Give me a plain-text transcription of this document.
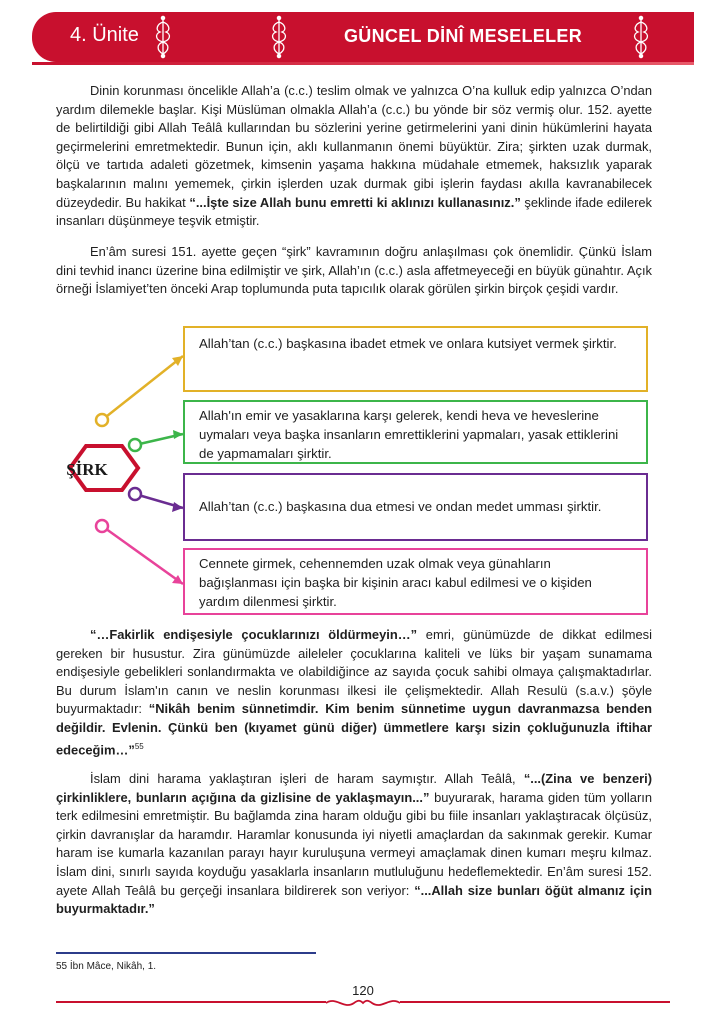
4. Ünite	GÜNCEL DİNÎ MESELELER

Dinin korunması öncelikle Allah’a (c.c.) teslim olmak ve yalnızca O’na kulluk edip yalnızca O’ndan yardım dilemekle başlar. Kişi Müslüman olmakla Allah’a (c.c.) bu yönde bir söz vermiş olur. 152. ayette de belirtildiği gibi Allah Teâlâ kullarından bu sözlerini yerine getirmelerini yani dinin hükümlerini hayata geçirmelerini emretmektedir. Bunun için, aklı kullanmanın önemi büyüktür. Zira; şirkten uzak durmak, ölçü ve tartıda adaleti gözetmek, kimsenin yaşama hakkına müdahale etmemek, haksızlık yaparak başkalarının malını yememek, çirkin işlerden uzak durmak gibi işlerin faydası akılla kavranabilecek düzeydedir. Bu hakikat “...İşte size Allah bunu emretti ki aklınızı kullanasınız.” şeklinde ifade edilerek insanları düşünmeye teşvik etmiştir.

En’âm suresi 151. ayette geçen “şirk” kavramının doğru anlaşılması çok önemlidir. Çünkü İslam dini tevhid inancı üzerine bina edilmiştir ve şirk, Allah’ın (c.c.) asla affetmeyeceği en büyük günahtır. Açık örneği İslamiyet’ten önceki Arap toplumunda puta tapıcılık olarak görülen şirkin birçok çeşidi vardır.

ŞİRK
Allah’tan (c.c.) başkasına ibadet etmek ve onlara kutsiyet vermek şirktir.
Allah'ın emir ve yasaklarına karşı gelerek, kendi heva ve heveslerine uymaları veya başka insanların emrettiklerini yapmaları, yasak ettiklerini de yapmamaları şirktir.
Allah’tan (c.c.) başkasına dua etmesi ve ondan medet umması şirktir.
Cennete girmek, cehennemden uzak olmak veya günahların bağışlanması için başka bir kişinin aracı kabul edilmesi ve o kişiden yardım dilenmesi şirktir.

“…Fakirlik endişesiyle çocuklarınızı öldürmeyin…” emri, günümüzde de dikkat edilmesi gereken bir husustur. Zira günümüzde aileleler çocuklarına kaliteli ve lüks bir yaşam sunamama endişesiyle gebelikleri sonlandırmakta ve olabildiğince az sayıda çocuk sahibi olmaya çalışmaktadırlar. Bu durum İslam'ın canın ve neslin korunması ilkesi ile çelişmektedir. Allah Resulü (s.a.v.) şöyle buyurmaktadır: “Nikâh benim sünnetimdir. Kim benim sünnetime uygun davranmazsa benden değildir. Evlenin. Çünkü ben (kıyamet günü diğer) ümmetlere karşı sizin çokluğunuzla iftihar edeceğim…”$^{55}$

İslam dini harama yaklaştıran işleri de haram saymıştır. Allah Teâlâ, “...(Zina ve benzeri) çirkinliklere, bunların açığına da gizlisine de yaklaşmayın...” buyurarak, harama giden tüm yolların terk edilmesini emretmiştir. Bu bağlamda zina haram olduğu gibi bu fiile insanları yaklaştıracak ölçüsüz, çirkin davranışlar da haramdır. Haramlar konusunda iyi niyetli amaçlardan da sakınmak gerekir. Kumar haram ise kumarla kazanılan parayı hayır kuruluşuna vermeyi amaçlamak dinen kumarı meşru kılmaz. İslam dini, sınırlı sayıda koyduğu yasaklarla insanların mutluluğunu hedeflemektedir. En’âm suresi 152. ayete Allah Teâlâ bu gerçeği insanlara bildirerek son veriyor: “...Allah size bunları öğüt almanız için buyurmaktadır.”

55 İbn Mâce, Nikâh, 1.
120
